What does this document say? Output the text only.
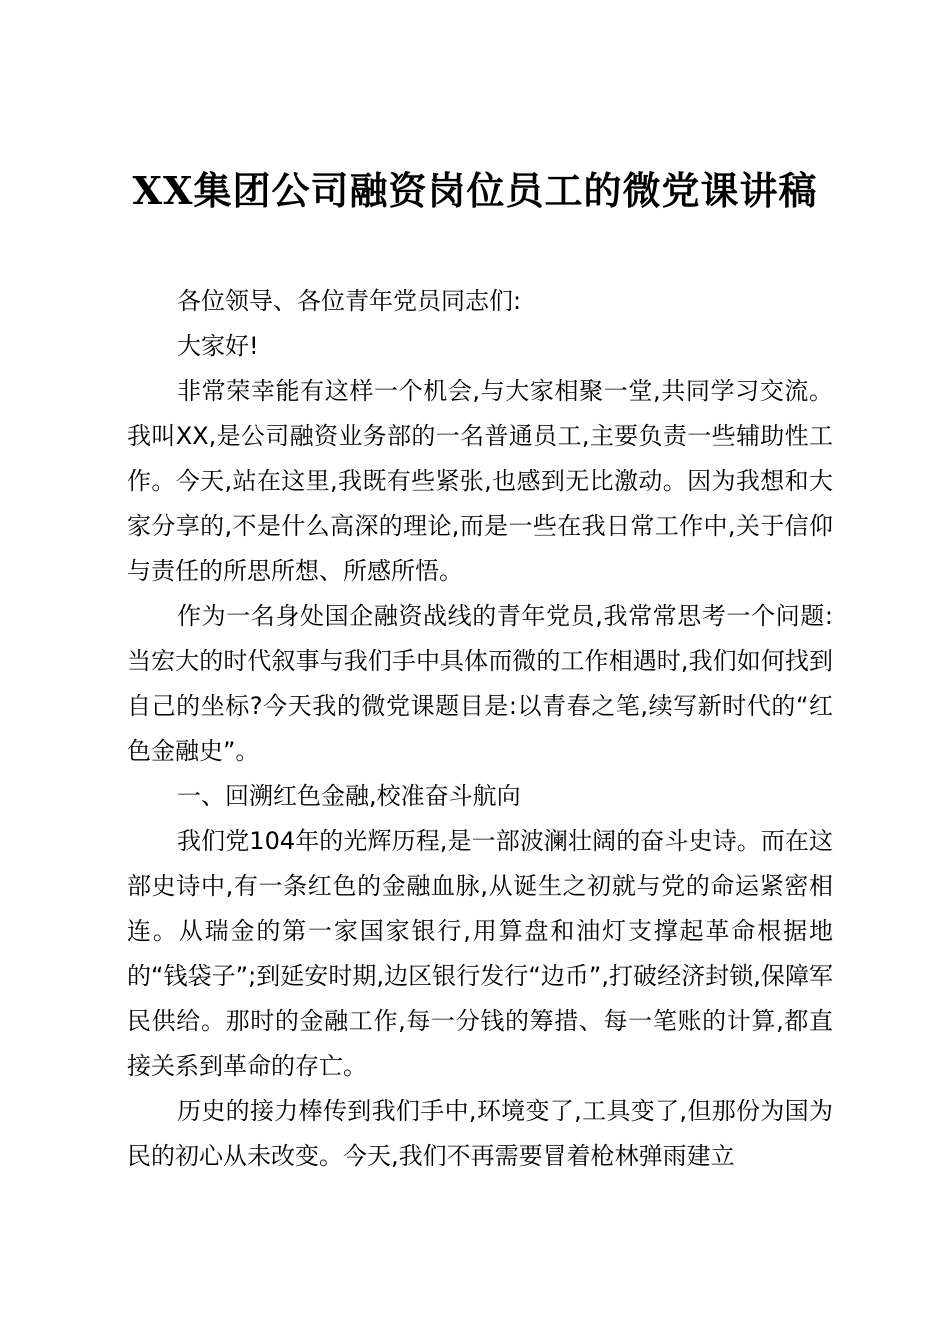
XX集团公司融资岗位员工的微党课讲稿

各位领导、各位青年党员同志们:

大家好!

非常荣幸能有这样一个机会,与大家相聚一堂,共同学习交流。我叫XX,是公司融资业务部的一名普通员工,主要负责一些辅助性工作。今天,站在这里,我既有些紧张,也感到无比激动。因为我想和大家分享的,不是什么高深的理论,而是一些在我日常工作中,关于信仰与责任的所思所想、所感所悟。

作为一名身处国企融资战线的青年党员,我常常思考一个问题:当宏大的时代叙事与我们手中具体而微的工作相遇时,我们如何找到自己的坐标?今天我的微党课题目是:以青春之笔,续写新时代的“红色金融史”。

一、回溯红色金融,校准奋斗航向

我们党104年的光辉历程,是一部波澜壮阔的奋斗史诗。而在这部史诗中,有一条红色的金融血脉,从诞生之初就与党的命运紧密相连。从瑞金的第一家国家银行,用算盘和油灯支撑起革命根据地的“钱袋子”;到延安时期,边区银行发行“边币”,打破经济封锁,保障军民供给。那时的金融工作,每一分钱的筹措、每一笔账的计算,都直接关系到革命的存亡。

历史的接力棒传到我们手中,环境变了,工具变了,但那份为国为民的初心从未改变。今天,我们不再需要冒着枪林弹雨建立
